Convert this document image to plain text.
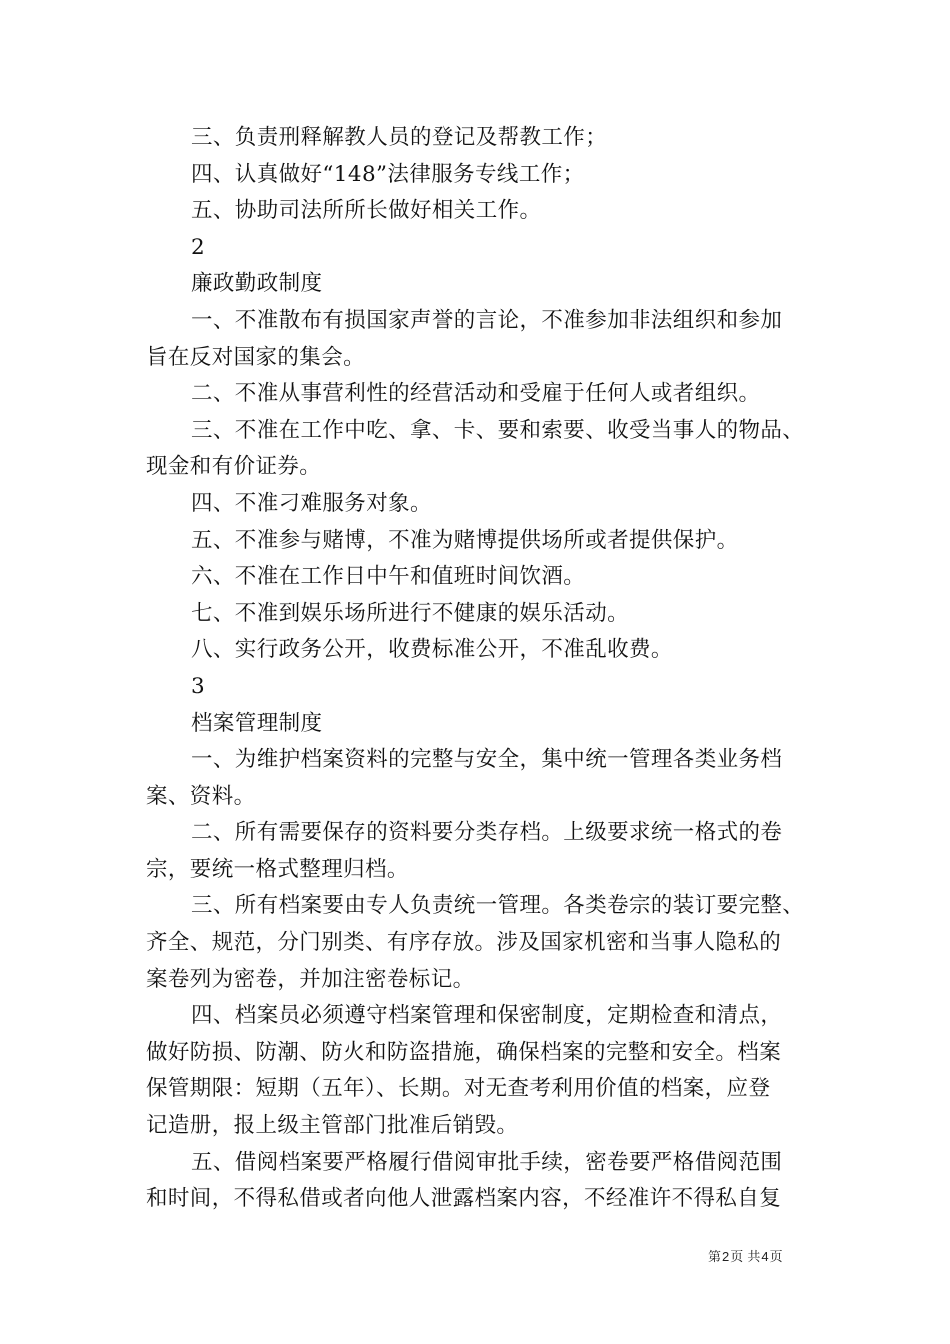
三、负责刑释解教人员的登记及帮教工作；
四、认真做好“148”法律服务专线工作；
五、协助司法所所长做好相关工作。
2
廉政勤政制度
一、不准散布有损国家声誉的言论，不准参加非法组织和参加
旨在反对国家的集会。
二、不准从事营利性的经营活动和受雇于任何人或者组织。
三、不准在工作中吃、拿、卡、要和索要、收受当事人的物品、
现金和有价证券。
四、不准刁难服务对象。
五、不准参与赌博，不准为赌博提供场所或者提供保护。
六、不准在工作日中午和值班时间饮酒。
七、不准到娱乐场所进行不健康的娱乐活动。
八、实行政务公开，收费标准公开，不准乱收费。
3
档案管理制度
一、为维护档案资料的完整与安全，集中统一管理各类业务档
案、资料。
二、所有需要保存的资料要分类存档。上级要求统一格式的卷
宗，要统一格式整理归档。
三、所有档案要由专人负责统一管理。各类卷宗的装订要完整、
齐全、规范，分门别类、有序存放。涉及国家机密和当事人隐私的
案卷列为密卷，并加注密卷标记。
四、档案员必须遵守档案管理和保密制度，定期检查和清点，
做好防损、防潮、防火和防盗措施，确保档案的完整和安全。档案
保管期限：短期（五年）、长期。对无查考利用价值的档案，应登
记造册，报上级主管部门批准后销毁。
五、借阅档案要严格履行借阅审批手续，密卷要严格借阅范围
和时间，不得私借或者向他人泄露档案内容，不经准许不得私自复
第2页 共4页
